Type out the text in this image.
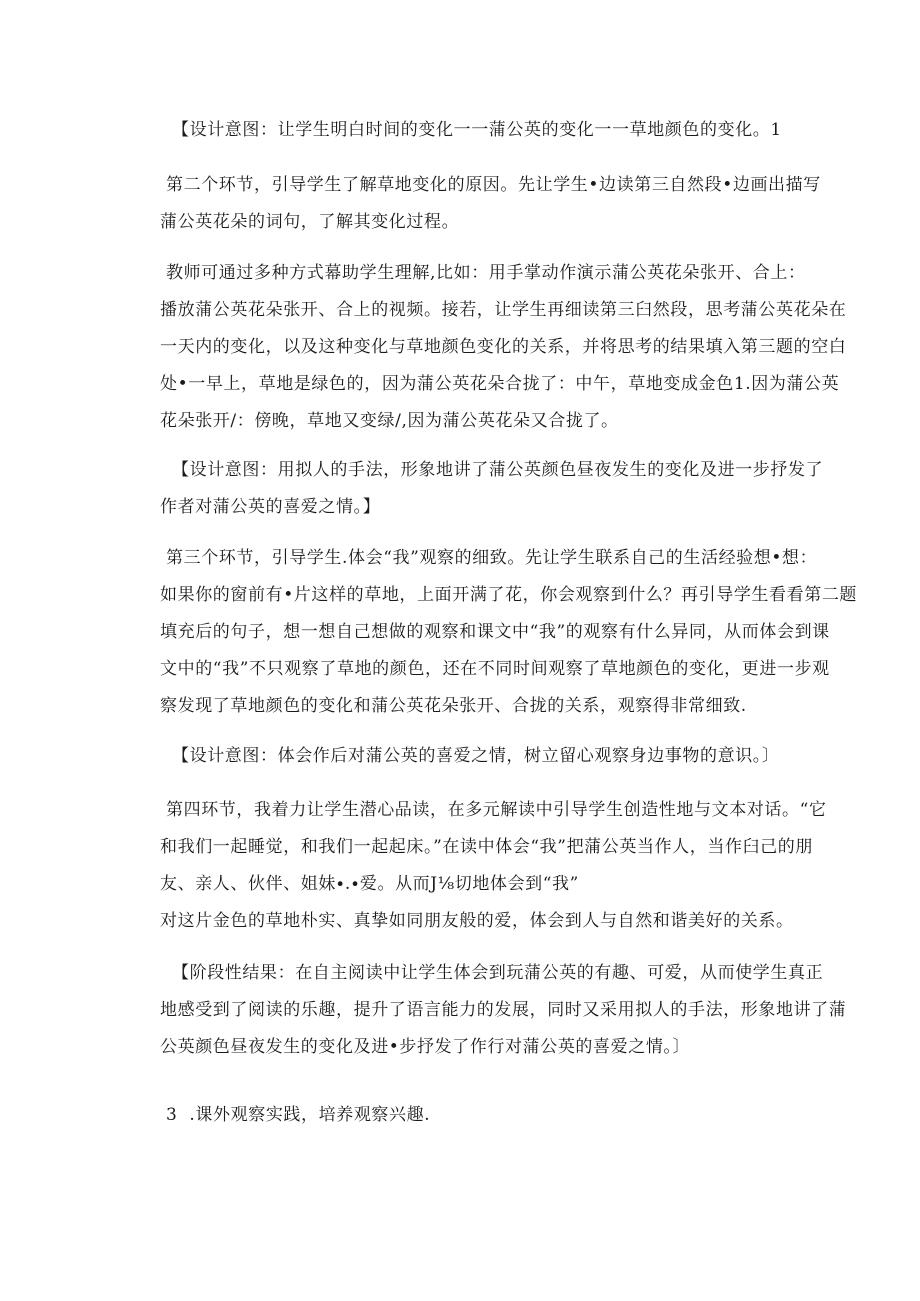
【设计意图：让学生明白时间的变化一一蒲公英的变化一一草地颜色的变化。1

第二个环节，引导学生了解草地变化的原因。先让学生•边读第三自然段•边画出描写
蒲公英花朵的词句，了解其变化过程。

教师可通过多种方式幕助学生理解,比如：用手掌动作演示蒲公英花朵张开、合上：
播放蒲公英花朵张开、合上的视频。接若，让学生再细读第三臼然段，思考蒲公英花朵在
一天内的变化，以及这种变化与草地颜色变化的关系，并将思考的结果填入第三题的空白
处•一早上，草地是绿色的，因为蒲公英花朵合拢了：中午，草地变成金色1.因为蒲公英
花朵张开/：傍晚，草地又变绿/,因为蒲公英花朵又合拢了。

【设计意图：用拟人的手法，形象地讲了蒲公英颜色昼夜发生的变化及进一步抒发了
作者对蒲公英的喜爱之情。】

第三个环节，引导学生.体会“我”观察的细致。先让学生联系自己的生活经验想•想：
如果你的窗前有•片这样的草地，上面开满了花，你会观察到什么？再引导学生看看第二题
填充后的句子，想一想自己想做的观察和课文中“我”的观察有什么异同，从而体会到课
文中的“我”不只观察了草地的颜色，还在不同时间观察了草地颜色的变化，更进一步观
察发现了草地颜色的变化和蒲公英花朵张开、合拢的关系，观察得非常细致.

【设计意图：体会作后对蒲公英的喜爱之情，树立留心观察身边事物的意识。〕

第四环节，我着力让学生潜心品读，在多元解读中引导学生创造性地与文本对话。“它
和我们一起睡觉，和我们一起起床。”在读中体会“我”把蒲公英当作人，当作臼己的朋
友、亲人、伙伴、姐妹∙.∙爱。从而J⅛切地体会到“我”
对这片金色的草地朴实、真挚如同朋友般的爱，体会到人与自然和谐美好的关系。

【阶段性结果：在自主阅读中让学生体会到玩蒲公英的有趣、可爱，从而使学生真正
地感受到了阅读的乐趣，提升了语言能力的发展，同时又采用拟人的手法，形象地讲了蒲
公英颜色昼夜发生的变化及进•步抒发了作行对蒲公英的喜爱之情。〕

3  .课外观察实践，培养观察兴趣.
